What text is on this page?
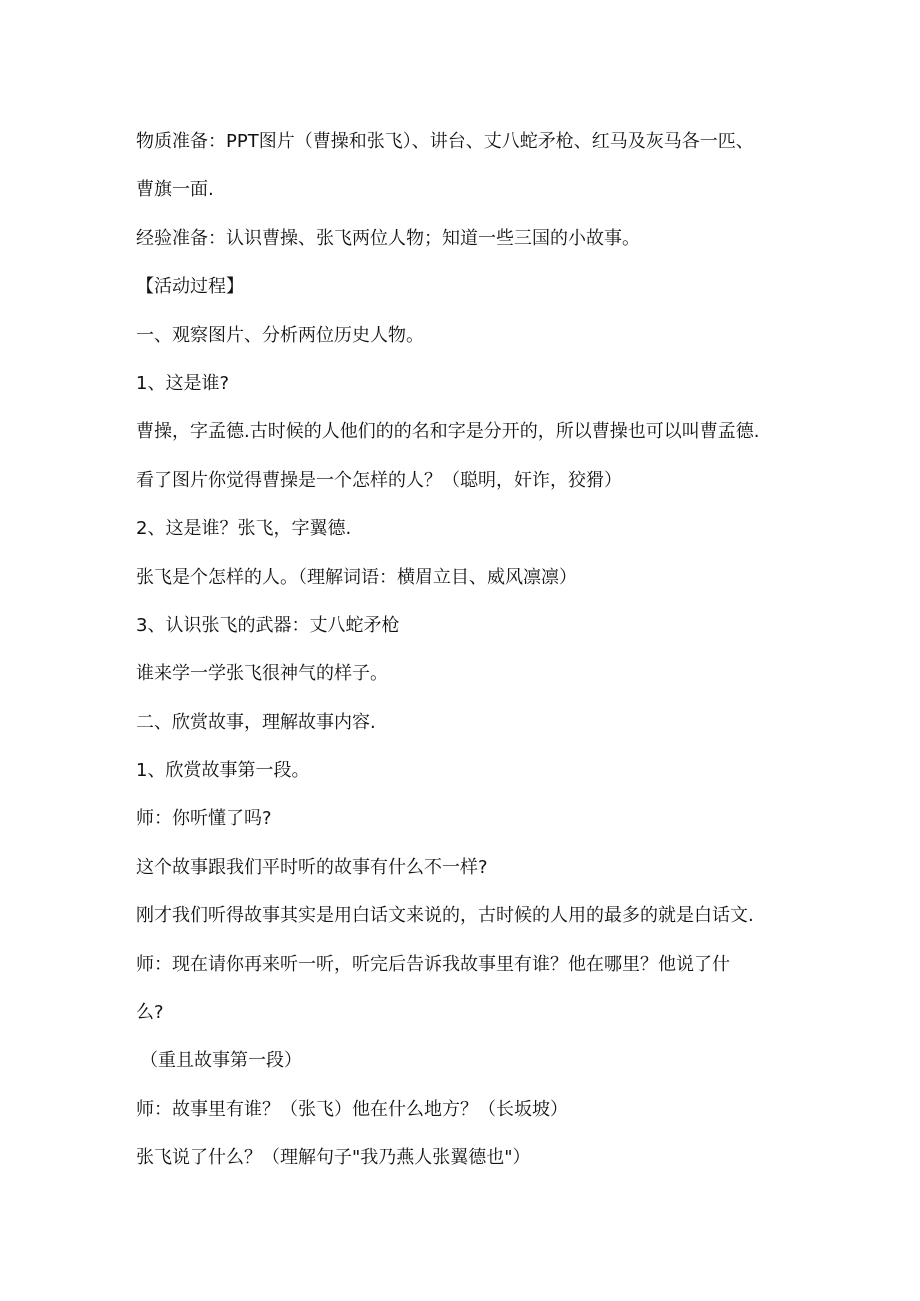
物质准备：PPT图片（曹操和张飞）、讲台、丈八蛇矛枪、红马及灰马各一匹、
曹旗一面.
经验准备：认识曹操、张飞两位人物；知道一些三国的小故事。
【活动过程】
一、观察图片、分析两位历史人物。
1、这是谁?
曹操，字孟德.古时候的人他们的的名和字是分开的，所以曹操也可以叫曹孟德.
看了图片你觉得曹操是一个怎样的人？（聪明，奸诈，狡猾）
2、这是谁？张飞，字翼德.
张飞是个怎样的人。（理解词语：横眉立目、威风凛凛）
3、认识张飞的武器：丈八蛇矛枪
谁来学一学张飞很神气的样子。
二、欣赏故事，理解故事内容.
1、欣赏故事第一段。
师：你听懂了吗?
这个故事跟我们平时听的故事有什么不一样?
刚才我们听得故事其实是用白话文来说的，古时候的人用的最多的就是白话文.
师：现在请你再来听一听，听完后告诉我故事里有谁？他在哪里？他说了什
么?
（重且故事第一段）
师：故事里有谁？（张飞）他在什么地方？（长坂坡）
张飞说了什么？（理解句子"我乃燕人张翼德也"）
